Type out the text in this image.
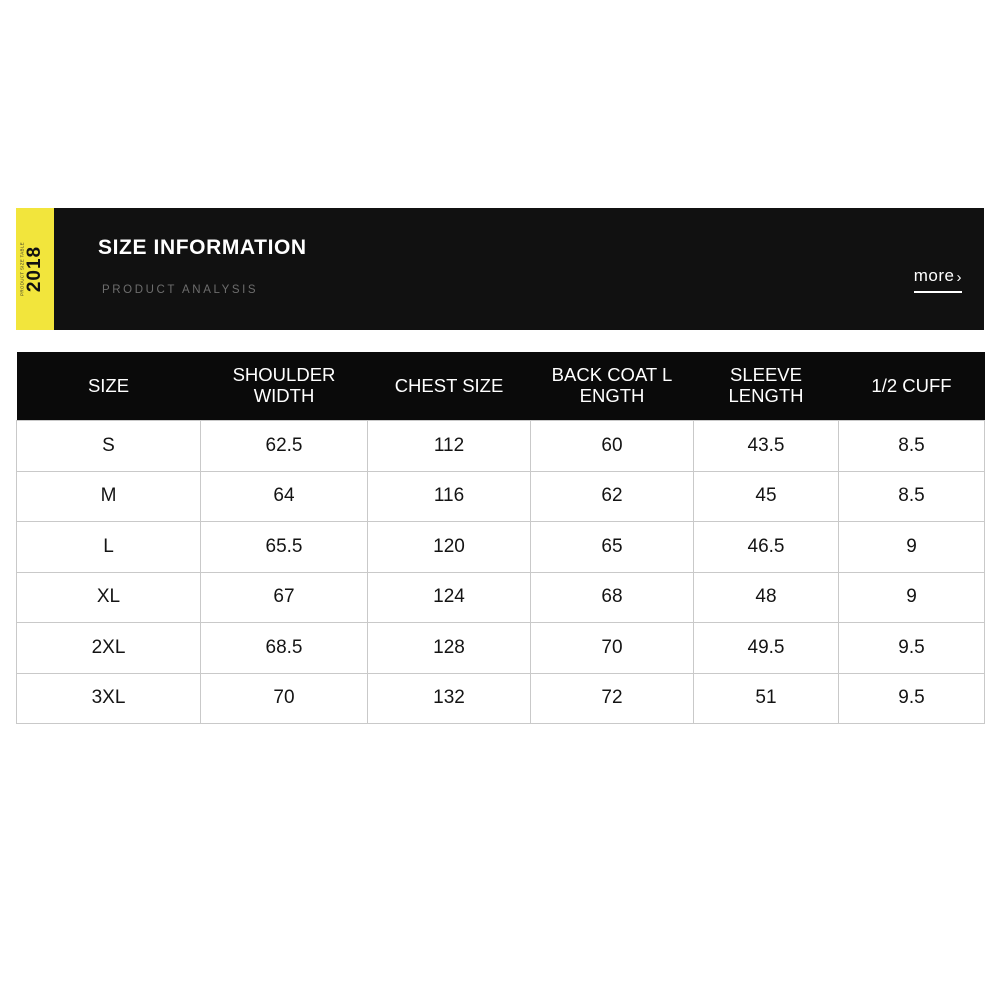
PRODUCT SIZE TABLE 2018	SIZE INFORMATION
PRODUCT ANALYSIS
more ›
SIZE	SHOULDER WIDTH	CHEST SIZE	BACK COAT L ENGTH	SLEEVE LENGTH	1/2 CUFF
S	62.5	112	60	43.5	8.5
M	64	116	62	45	8.5
L	65.5	120	65	46.5	9
XL	67	124	68	48	9
2XL	68.5	128	70	49.5	9.5
3XL	70	132	72	51	9.5
